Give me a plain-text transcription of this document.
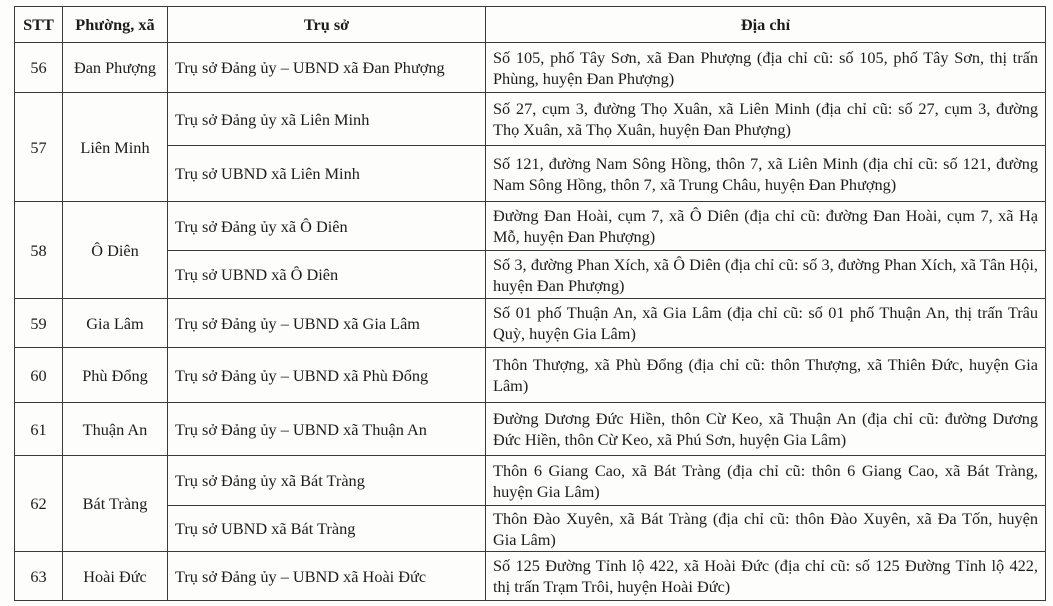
STT	Phường, xã	Trụ sở	Địa chỉ
56	Đan Phượng	Trụ sở Đảng ủy – UBND xã Đan Phượng	Số 105, phố Tây Sơn, xã Đan Phượng (địa chỉ cũ: số 105, phố Tây Sơn, thị trấn Phùng, huyện Đan Phượng)
57	Liên Minh	Trụ sở Đảng ủy xã Liên Minh	Số 27, cụm 3, đường Thọ Xuân, xã Liên Minh (địa chỉ cũ: số 27, cụm 3, đường Thọ Xuân, xã Thọ Xuân, huyện Đan Phượng)
		Trụ sở UBND xã Liên Minh	Số 121, đường Nam Sông Hồng, thôn 7, xã Liên Minh (địa chỉ cũ: số 121, đường Nam Sông Hồng, thôn 7, xã Trung Châu, huyện Đan Phượng)
58	Ô Diên	Trụ sở Đảng ủy xã Ô Diên	Đường Đan Hoài, cụm 7, xã Ô Diên (địa chỉ cũ: đường Đan Hoài, cụm 7, xã Hạ Mỗ, huyện Đan Phượng)
		Trụ sở UBND xã Ô Diên	Số 3, đường Phan Xích, xã Ô Diên (địa chỉ cũ: số 3, đường Phan Xích, xã Tân Hội, huyện Đan Phượng)
59	Gia Lâm	Trụ sở Đảng ủy – UBND xã Gia Lâm	Số 01 phố Thuận An, xã Gia Lâm (địa chỉ cũ: số 01 phố Thuận An, thị trấn Trâu Quỳ, huyện Gia Lâm)
60	Phù Đổng	Trụ sở Đảng ủy – UBND xã Phù Đổng	Thôn Thượng, xã Phù Đổng (địa chỉ cũ: thôn Thượng, xã Thiên Đức, huyện Gia Lâm)
61	Thuận An	Trụ sở Đảng ủy – UBND xã Thuận An	Đường Dương Đức Hiền, thôn Cừ Keo, xã Thuận An (địa chỉ cũ: đường Dương Đức Hiền, thôn Cừ Keo, xã Phú Sơn, huyện Gia Lâm)
62	Bát Tràng	Trụ sở Đảng ủy xã Bát Tràng	Thôn 6 Giang Cao, xã Bát Tràng (địa chỉ cũ: thôn 6 Giang Cao, xã Bát Tràng, huyện Gia Lâm)
		Trụ sở UBND xã Bát Tràng	Thôn Đào Xuyên, xã Bát Tràng (địa chỉ cũ: thôn Đào Xuyên, xã Đa Tốn, huyện Gia Lâm)
63	Hoài Đức	Trụ sở Đảng ủy – UBND xã Hoài Đức	Số 125 Đường Tỉnh lộ 422, xã Hoài Đức (địa chỉ cũ: số 125 Đường Tỉnh lộ 422, thị trấn Trạm Trôi, huyện Hoài Đức)
